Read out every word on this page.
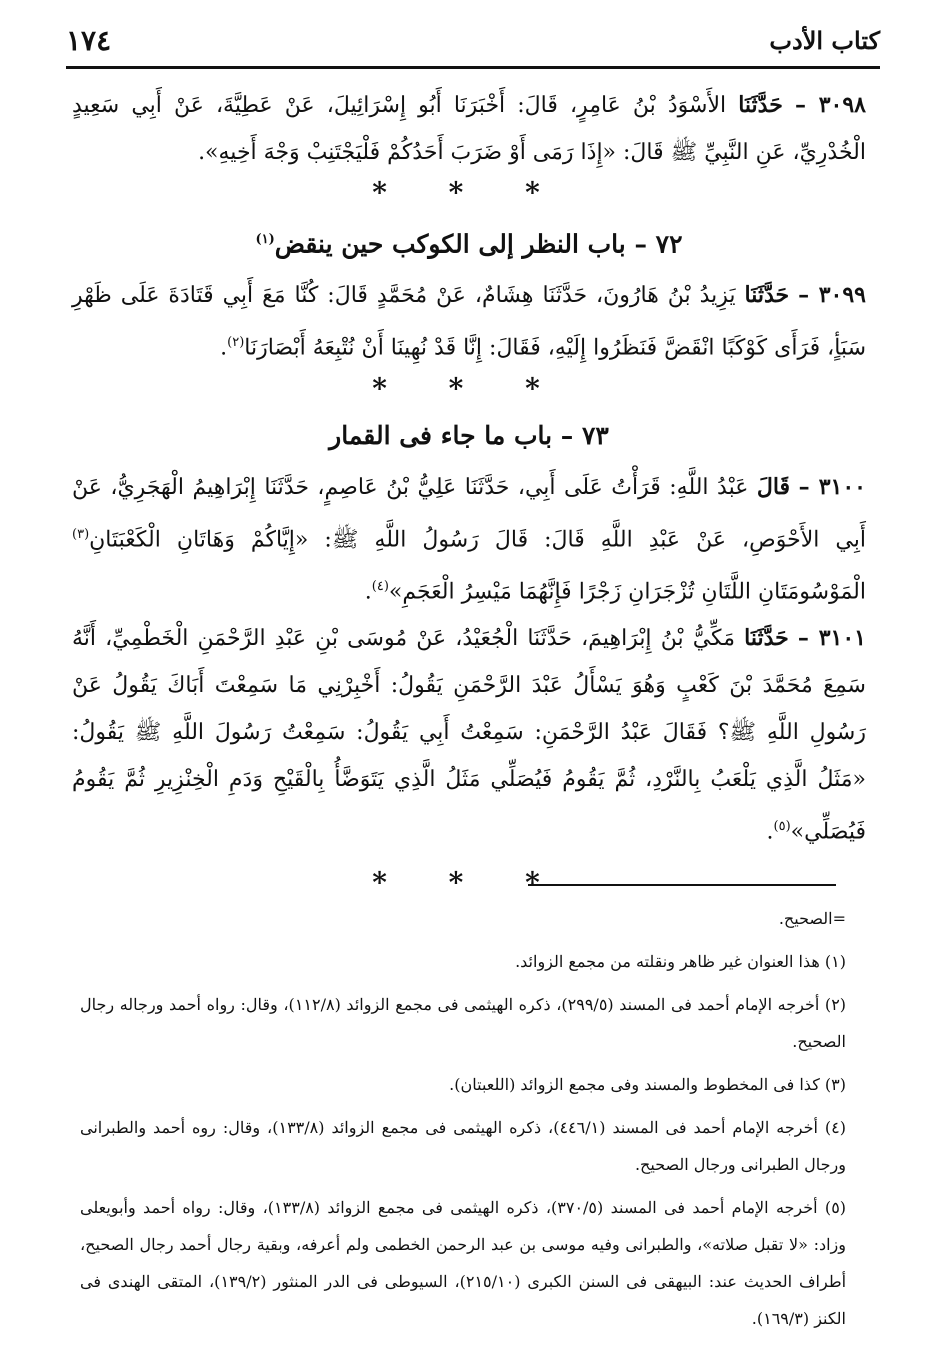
كتاب الأدب
١٧٤

٣٠٩٨ – حَدَّثَنَا الأَسْوَدُ بْنُ عَامِرٍ، قَالَ: أَخْبَرَنَا أَبُو إِسْرَائِيلَ، عَنْ عَطِيَّةَ، عَنْ أَبِي سَعِيدٍ الْخُدْرِيِّ، عَنِ النَّبِيِّ ﷺ قَالَ: «إِذَا رَمَى أَوْ ضَرَبَ أَحَدُكُمْ فَلْيَجْتَنِبْ وَجْهَ أَخِيهِ».

* * *

٧٢ – باب النظر إلى الكوكب حين ينقض$^{(١)}$

٣٠٩٩ – حَدَّثَنَا يَزِيدُ بْنُ هَارُونَ، حَدَّثَنَا هِشَامٌ، عَنْ مُحَمَّدٍ قَالَ: كُنَّا مَعَ أَبِي قَتَادَةَ عَلَى ظَهْرِ سَبَأٍ، فَرَأَى كَوْكَبًا انْقَضَّ فَنَظَرُوا إِلَيْهِ، فَقَالَ: إِنَّا قَدْ نُهِينَا أَنْ نُتْبِعَهُ أَبْصَارَنَا$^{(٢)}$.

* * *

٧٣ – باب ما جاء فى القمار

٣١٠٠ – قَالَ عَبْدُ اللَّهِ: قَرَأْتُ عَلَى أَبِي، حَدَّثَنَا عَلِيُّ بْنُ عَاصِمٍ، حَدَّثَنَا إِبْرَاهِيمُ الْهَجَرِيُّ، عَنْ أَبِي الأَحْوَصِ، عَنْ عَبْدِ اللَّهِ قَالَ: قَالَ رَسُولُ اللَّهِ ﷺ: «إِيَّاكُمْ وَهَاتَانِ الْكَعْبَتَانِ$^{(٣)}$ الْمَوْسُومَتَانِ اللَّتَانِ تُزْجَرَانِ زَجْرًا فَإِنَّهُمَا مَيْسِرُ الْعَجَمِ»$^{(٤)}$.

٣١٠١ – حَدَّثَنَا مَكِّيُّ بْنُ إِبْرَاهِيمَ، حَدَّثَنَا الْجُعَيْدُ، عَنْ مُوسَى بْنِ عَبْدِ الرَّحْمَنِ الْخَطْمِيِّ، أَنَّهُ سَمِعَ مُحَمَّدَ بْنَ كَعْبٍ وَهُوَ يَسْأَلُ عَبْدَ الرَّحْمَنِ يَقُولُ: أَخْبِرْنِي مَا سَمِعْتَ أَبَاكَ يَقُولُ عَنْ رَسُولِ اللَّهِ ﷺ؟ فَقَالَ عَبْدُ الرَّحْمَنِ: سَمِعْتُ أَبِي يَقُولُ: سَمِعْتُ رَسُولَ اللَّهِ ﷺ يَقُولُ: «مَثَلُ الَّذِي يَلْعَبُ بِالنَّرْدِ، ثُمَّ يَقُومُ فَيُصَلِّي مَثَلُ الَّذِي يَتَوَضَّأُ بِالْقَيْحِ وَدَمِ الْخِنْزِيرِ ثُمَّ يَقُومُ فَيُصَلِّي»$^{(٥)}$.

* * *

=الصحيح.

(١) هذا العنوان غير ظاهر ونقلته من مجمع الزوائد.

(٢) أخرجه الإمام أحمد فى المسند (٢٩٩/٥)، ذكره الهيثمى فى مجمع الزوائد (١١٢/٨)، وقال: رواه أحمد ورجاله رجال الصحيح.

(٣) كذا فى المخطوط والمسند وفى مجمع الزوائد (اللعبتان).

(٤) أخرجه الإمام أحمد فى المسند (٤٤٦/١)، ذكره الهيثمى فى مجمع الزوائد (١٣٣/٨)، وقال: روه أحمد والطبرانى ورجال الطبرانى ورجال الصحيح.

(٥) أخرجه الإمام أحمد فى المسند (٣٧٠/٥)، ذكره الهيثمى فى مجمع الزوائد (١٣٣/٨)، وقال: رواه أحمد وأبويعلى وزاد: «لا تقبل صلاته»، والطبرانى وفيه موسى بن عبد الرحمن الخطمى ولم أعرفه، وبقية رجال أحمد رجال الصحيح، أطراف الحديث عند: البيهقى فى السنن الكبرى (٢١٥/١٠)، السيوطى فى الدر المنثور (١٣٩/٢)، المتقى الهندى فى الكنز (١٦٩/٣).
